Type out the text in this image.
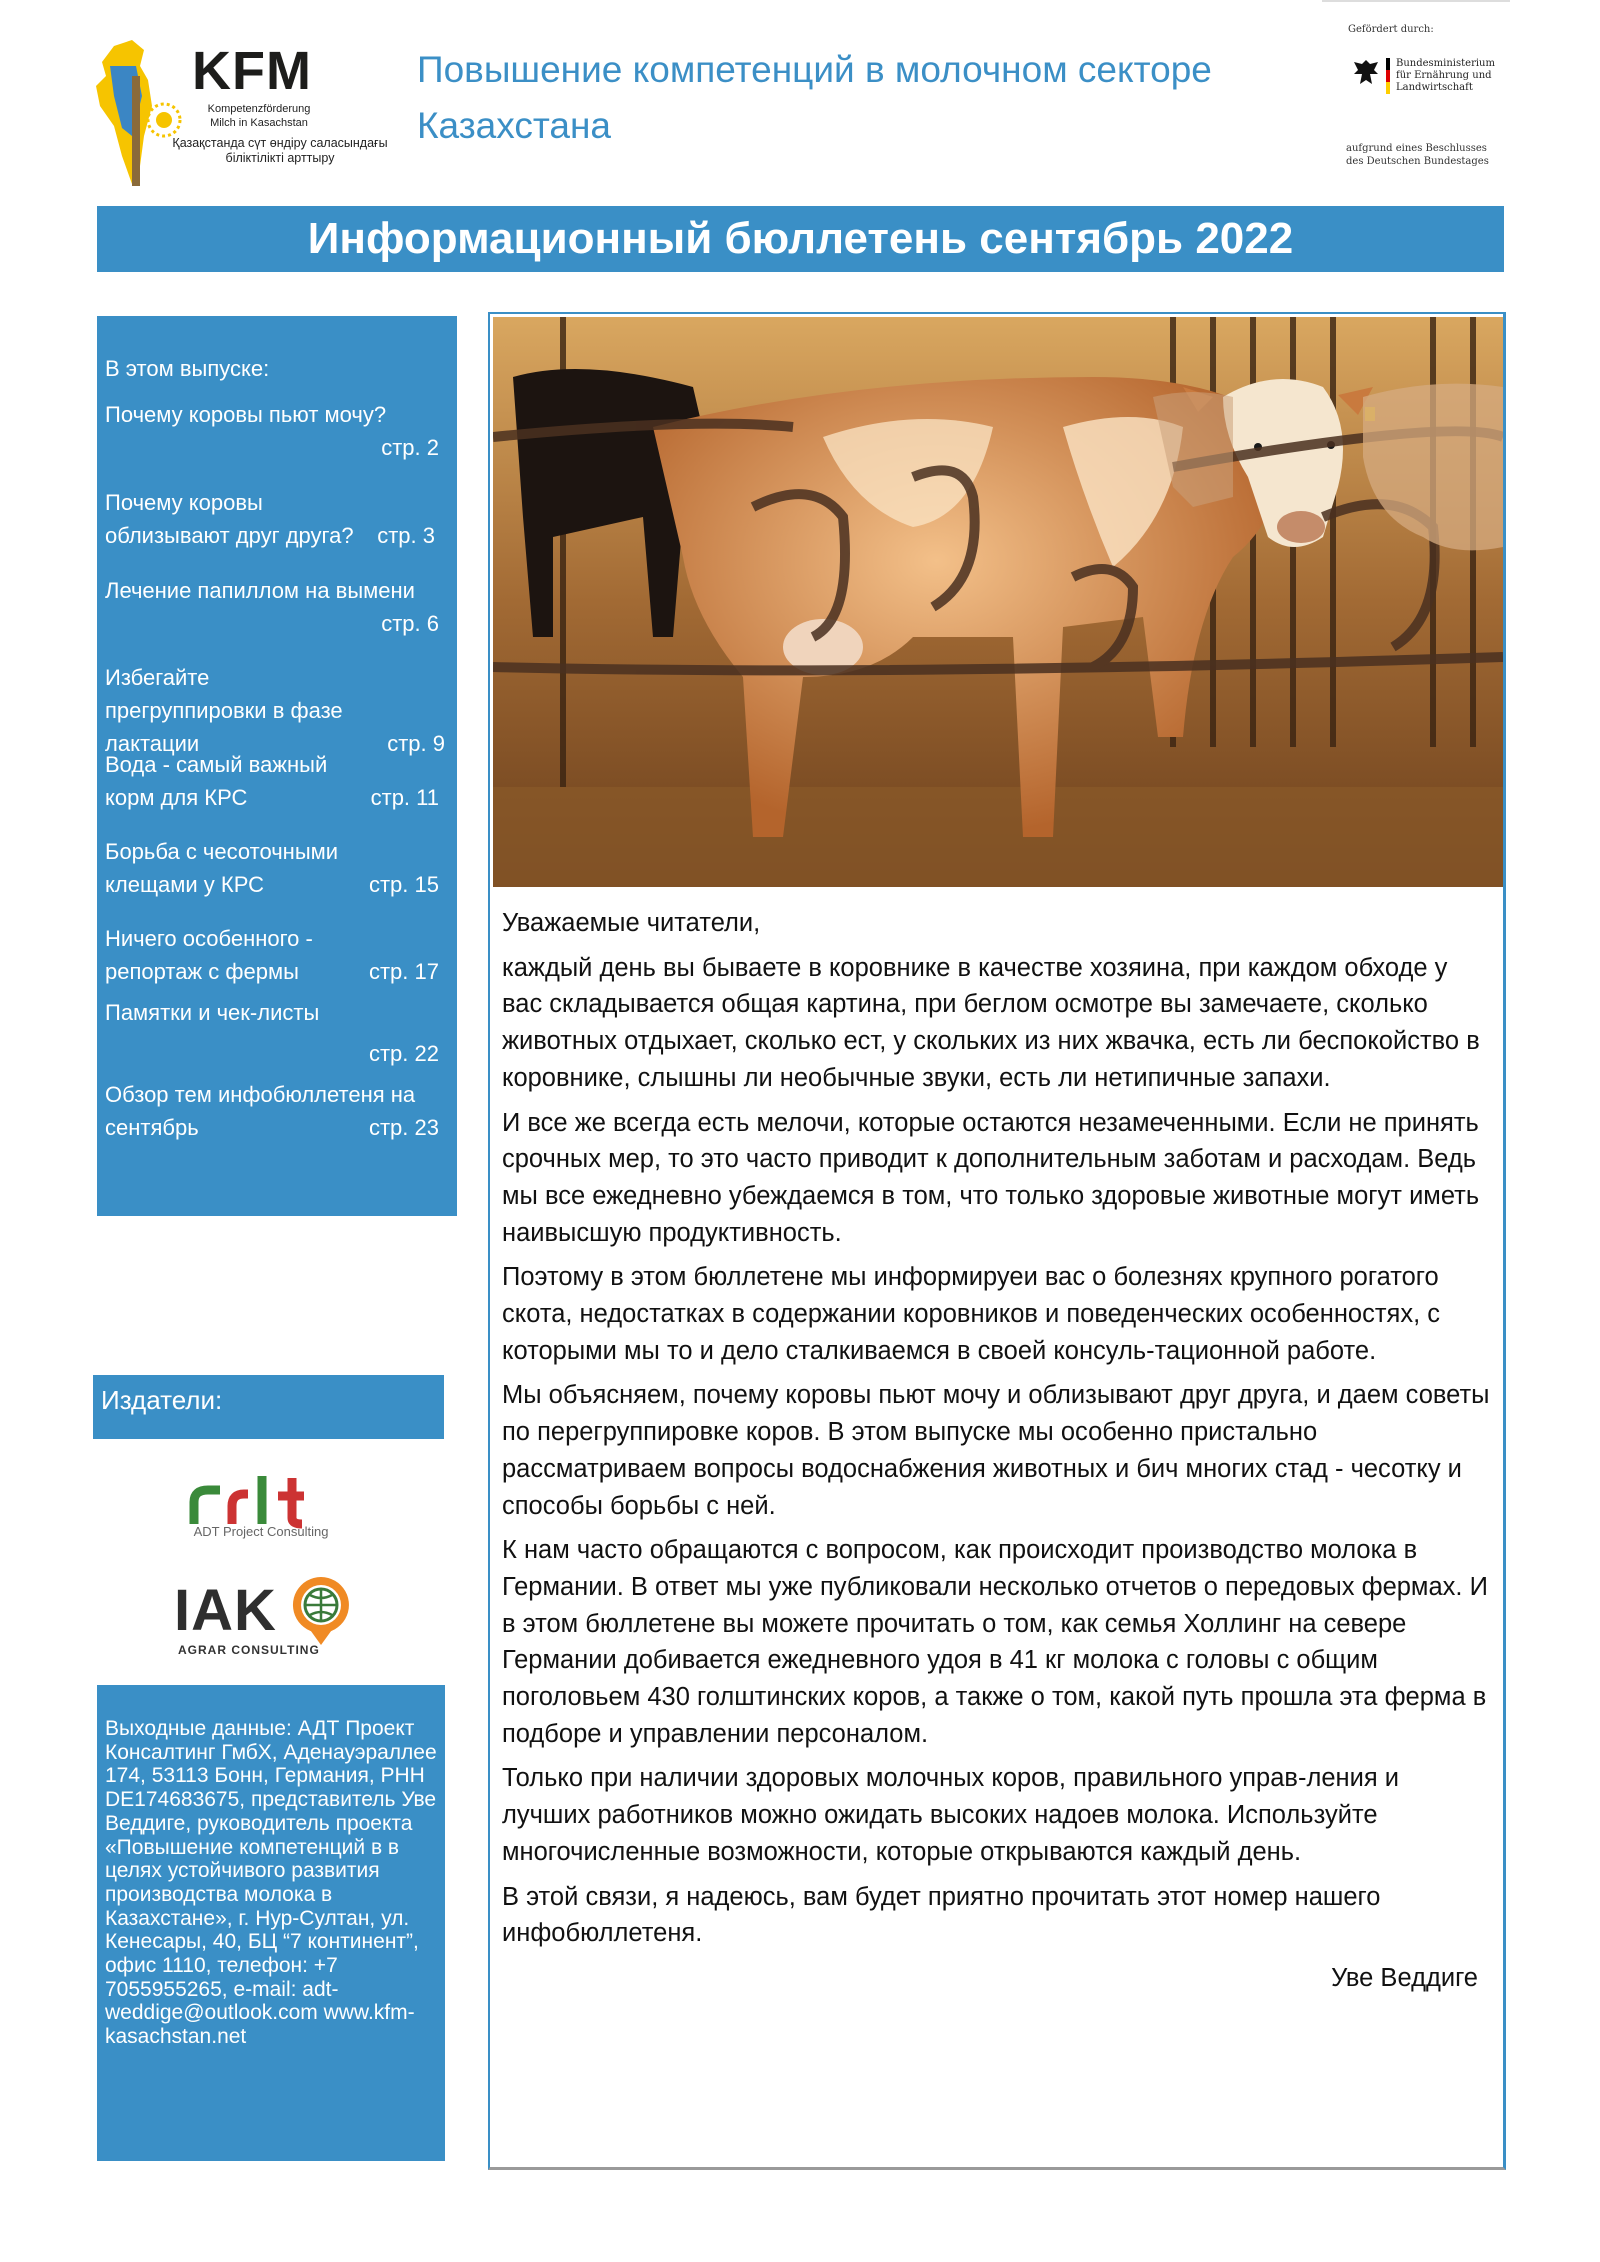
KFM
Kompetenzförderung Milch in Kasachstan
Қазақстанда сүт өндіру саласындағы біліктілікті арттыру
Повышение компетенций в молочном секторе Казахстана
Gefördert durch:
Bundesministerium für Ernährung und Landwirtschaft
aufgrund eines Beschlusses des Deutschen Bundestages
Информационный бюллетень сентябрь 2022
В этом выпуске:
Почему коровы пьют мочу?
стр. 2
Почему коровы облизывают друг друга? стр. 3
Лечение папиллом на вымени
стр. 6
Избегайте прегруппировки в фазе лактации	стр. 9
Вода - самый важный корм для КРС	стр. 11
Борьба с чесоточными клещами у КРС	стр. 15
Ничего особенного - репортаж с фермы	стр. 17
Памятки и чек-листы
стр. 22
Обзор тем инфобюллетеня на сентябрь	стр. 23
Издатели:
ADT Project Consulting
IAK
AGRAR CONSULTING
Выходные данные: АДТ Проект Консалтинг ГмбХ, Аденауэраллее 174, 53113 Бонн, Германия, РНН DE174683675, представитель Уве Веддиге, руководитель проекта «Повышение компетенций в в целях устойчивого развития производства молока в Казахстане», г. Нур-Султан, ул. Кенесары, 40, БЦ “7 континент”, офис 1110, телефон: +7 7055955265, e-mail: adt-weddige@outlook.com www.kfm-kasachstan.net

Уважаемые читатели,

каждый день вы бываете в коровнике в качестве хозяина, при каждом обходе у вас складывается общая картина, при беглом осмотре вы замечаете, сколько животных отдыхает, сколько ест, у скольких из них жвачка, есть ли беспокойство в коровнике, слышны ли необычные звуки, есть ли нетипичные запахи.

И все же всегда есть мелочи, которые остаются незамеченными. Если не принять срочных мер, то это часто приводит к дополнительным заботам и расходам. Ведь мы все ежедневно убеждаемся в том, что только здоровые животные могут иметь наивысшую продуктивность.

Поэтому в этом бюллетене мы информируеи вас о болезнях крупного рогатого скота, недостатках в содержании коровников и поведенческих особенностях, с которыми мы то и дело сталкиваемся в своей консуль-тационной работе.

Мы объясняем, почему коровы пьют мочу и облизывают друг друга, и даем советы по перегруппировке коров. В этом выпуске мы особенно пристально рассматриваем вопросы водоснабжения животных и бич многих стад - чесотку и способы борьбы с ней.

К нам часто обращаются с вопросом, как происходит производство молока в Германии. В ответ мы уже публиковали несколько отчетов о передовых фермах. И в этом бюллетене вы можете прочитать о том, как семья Холлинг на севере Германии добивается ежедневного удоя в 41 кг молока с головы с общим поголовьем 430 голштинских коров, а также о том, какой путь прошла эта ферма в подборе и управлении персоналом.

Только при наличии здоровых молочных коров, правильного управ-ления и лучших работников можно ожидать высоких надоев молока. Используйте многочисленные возможности, которые открываются каждый день.

В этой связи, я надеюсь, вам будет приятно прочитать этот номер нашего инфобюллетеня.

Уве Веддиге
